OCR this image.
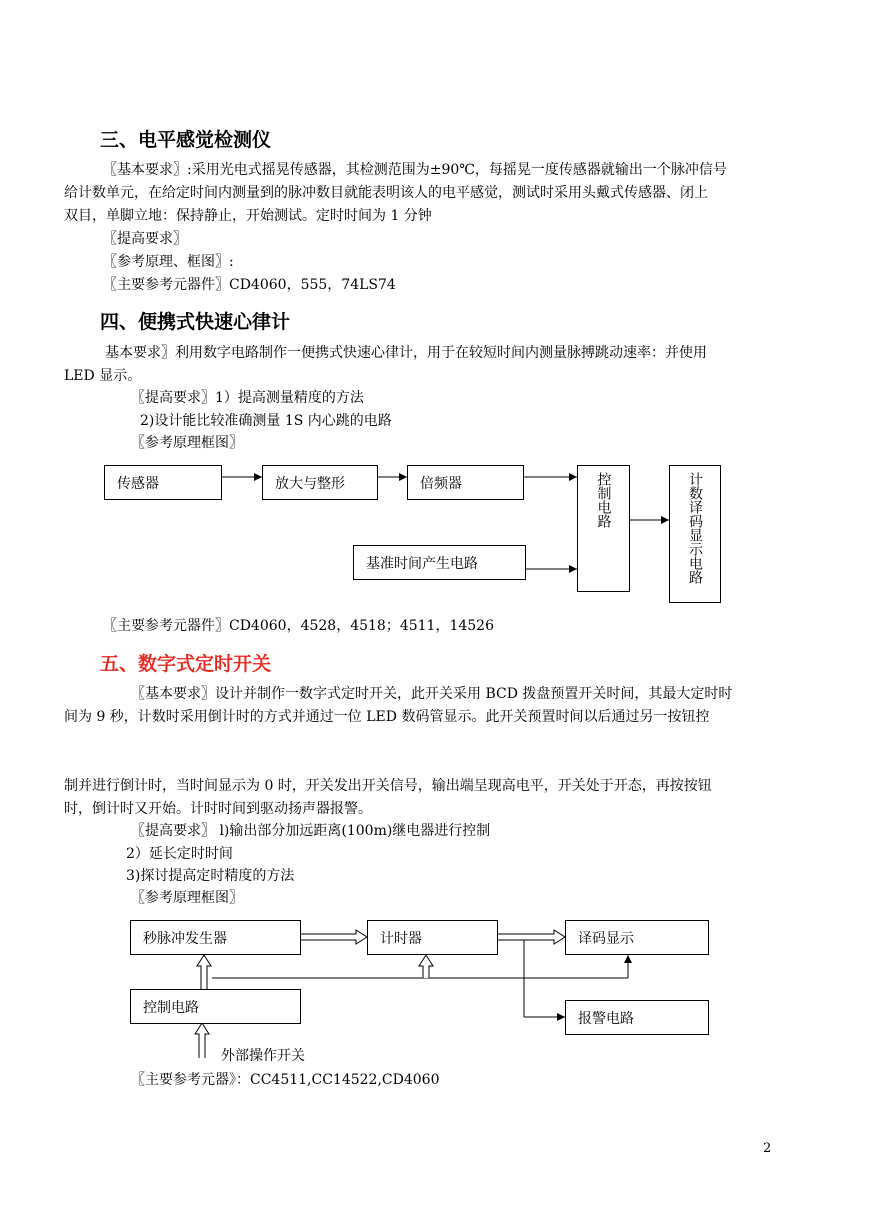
三、电平感觉检测仪
〖基本要求〗:采用光电式摇晃传感器，其检测范围为±90℃，每摇晃一度传感器就输出一个脉冲信号
给计数单元，在给定时间内测量到的脉冲数目就能表明该人的电平感觉，测试时采用头戴式传感器、闭上
双目，单脚立地：保持静止，开始测试。定时时间为 1 分钟
〖提高要求〗
〖参考原理、框图〗:
〖主要参考元器件〗CD4060，555，74LS74
四、便携式快速心律计
基本要求〗利用数字电路制作一便携式快速心律计，用于在较短时间内测量脉搏跳动速率：并使用
LED 显示。
〖提高要求〗1）提高测量精度的方法
2)设计能比较准确测量 1S 内心跳的电路
〖参考原理框图〗
传感器	放大与整形	倍频器
基准时间产生电路
控制电路	计数译码显示电路
〖主要参考元器件〗CD4060，4528，4518；4511，14526
五、数字式定时开关
〖基本要求〗设计并制作一数字式定时开关，此开关采用 BCD 拨盘预置开关时间，其最大定时时
间为 9 秒，计数时采用倒计时的方式并通过一位 LED 数码管显示。此开关预置时间以后通过另一按钮控
制并进行倒计时，当时间显示为 0 时，开关发出开关信号，输出端呈现高电平，开关处于开态，再按按钮
时，倒计时又开始。计时时间到驱动扬声器报警。
〖提高要求〗 l)输出部分加远距离(100m)继电器进行控制
2）延长定时时间
3)探讨提高定时精度的方法
〖参考原理框图〗
秒脉冲发生器	计时器	译码显示
控制电路
报警电路
外部操作开关
〖主要参考元器》：CC4511,CC14522,CD4060
2
